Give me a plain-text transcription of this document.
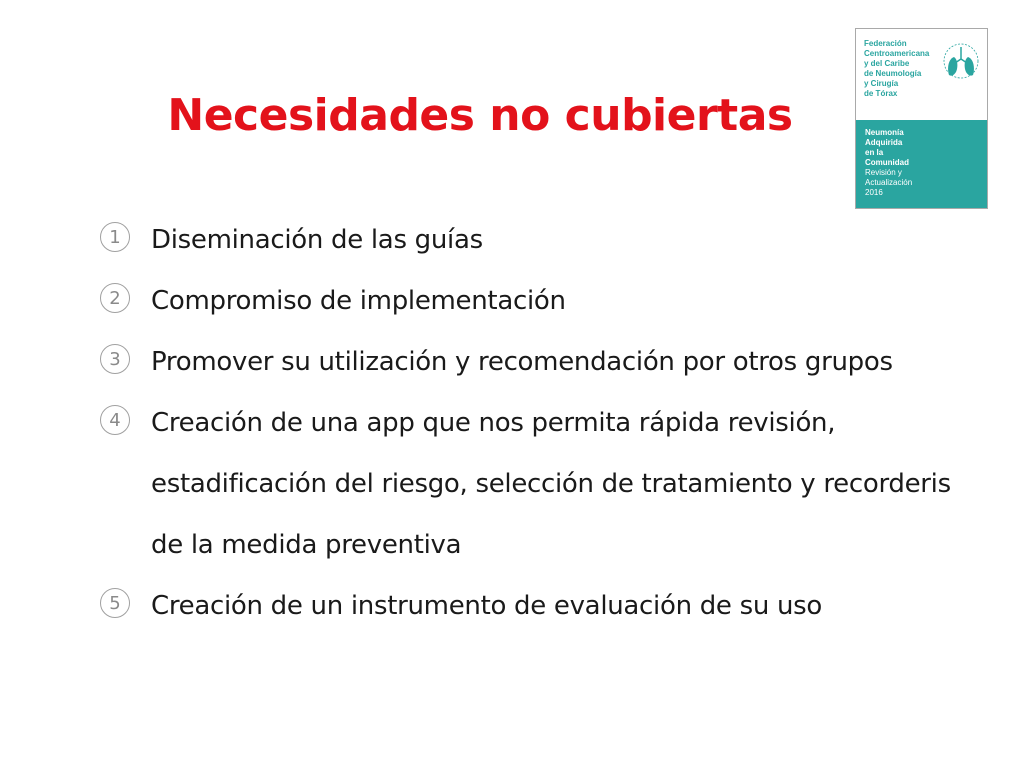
Necesidades no cubiertas
1	Diseminación de las guías
2	Compromiso de implementación
3	Promover su utilización y recomendación por otros grupos
4	Creación de una app que nos permita rápida revisión, estadificación del riesgo, selección de tratamiento y recorderis de la medida preventiva
5	Creación de un instrumento de evaluación de su uso
Federación
Centroamericana
y del Caribe
de Neumología
y Cirugía
de Tórax
Neumonía
Adquirida
en la
Comunidad
Revisión y
Actualización
2016
